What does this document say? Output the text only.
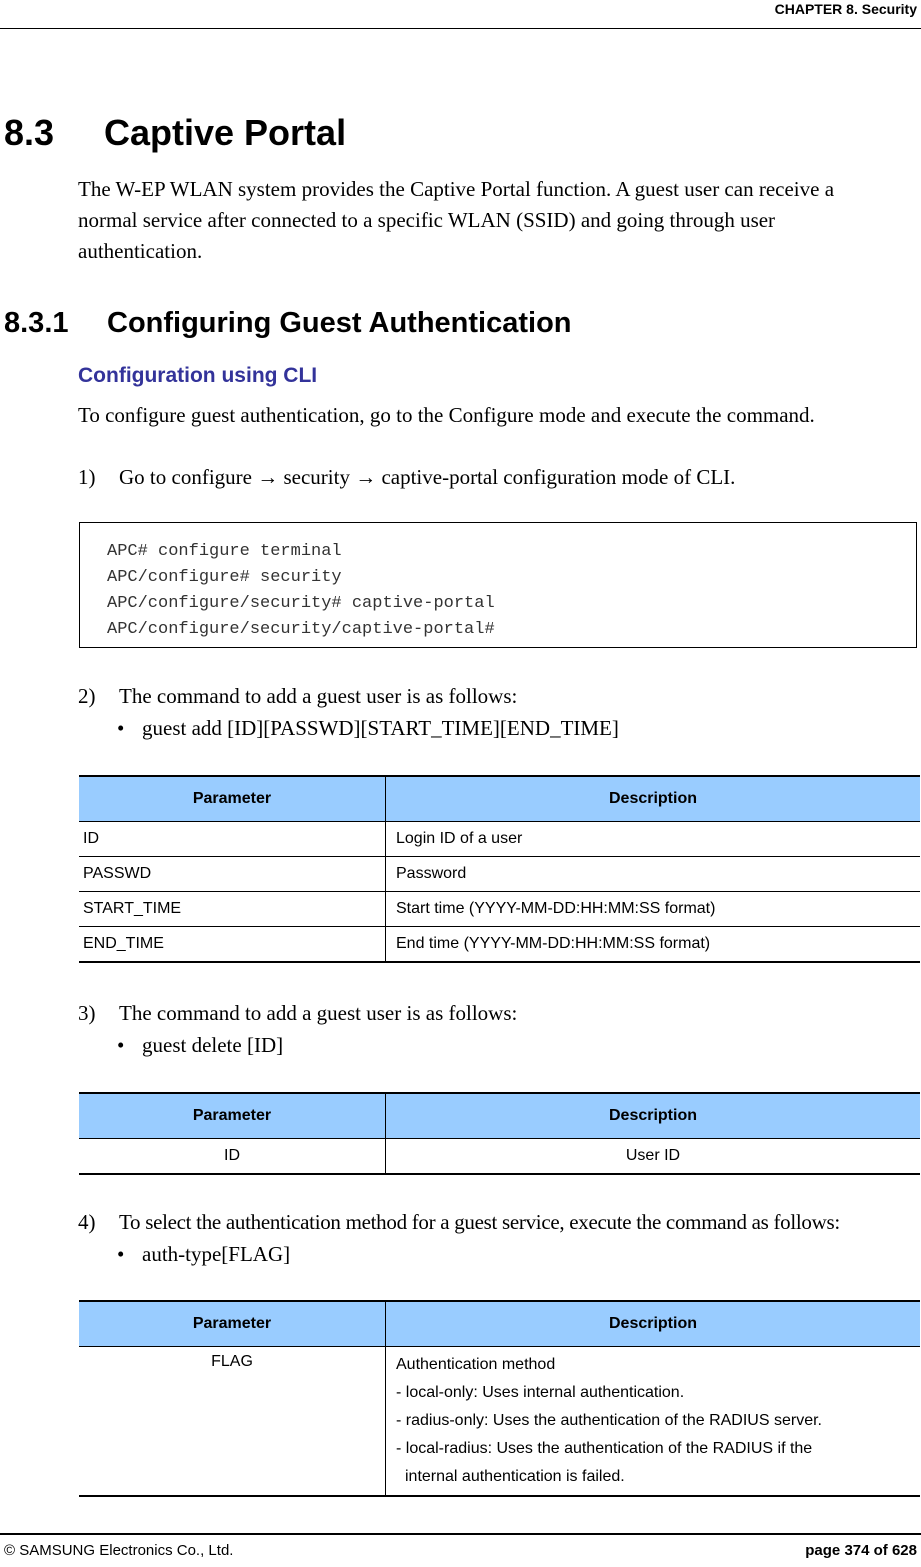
CHAPTER 8. Security
8.3 Captive Portal
The W-EP WLAN system provides the Captive Portal function. A guest user can receive a
normal service after connected to a specific WLAN (SSID) and going through user
authentication.
8.3.1 Configuring Guest Authentication
Configuration using CLI
To configure guest authentication, go to the Configure mode and execute the command.
1) Go to configure → security → captive-portal configuration mode of CLI.
APC# configure terminal
APC/configure# security
APC/configure/security# captive-portal
APC/configure/security/captive-portal#
2) The command to add a guest user is as follows:
• guest add [ID][PASSWD][START_TIME][END_TIME]
Parameter	Description
ID	Login ID of a user
PASSWD	Password
START_TIME	Start time (YYYY-MM-DD:HH:MM:SS format)
END_TIME	End time (YYYY-MM-DD:HH:MM:SS format)
3) The command to add a guest user is as follows:
• guest delete [ID]
Parameter	Description
ID	User ID
4) To select the authentication method for a guest service, execute the command as follows:
• auth-type[FLAG]
Parameter	Description
FLAG	Authentication method
- local-only: Uses internal authentication.
- radius-only: Uses the authentication of the RADIUS server.
- local-radius: Uses the authentication of the RADIUS if the
internal authentication is failed.
© SAMSUNG Electronics Co., Ltd.	page 374 of 628
